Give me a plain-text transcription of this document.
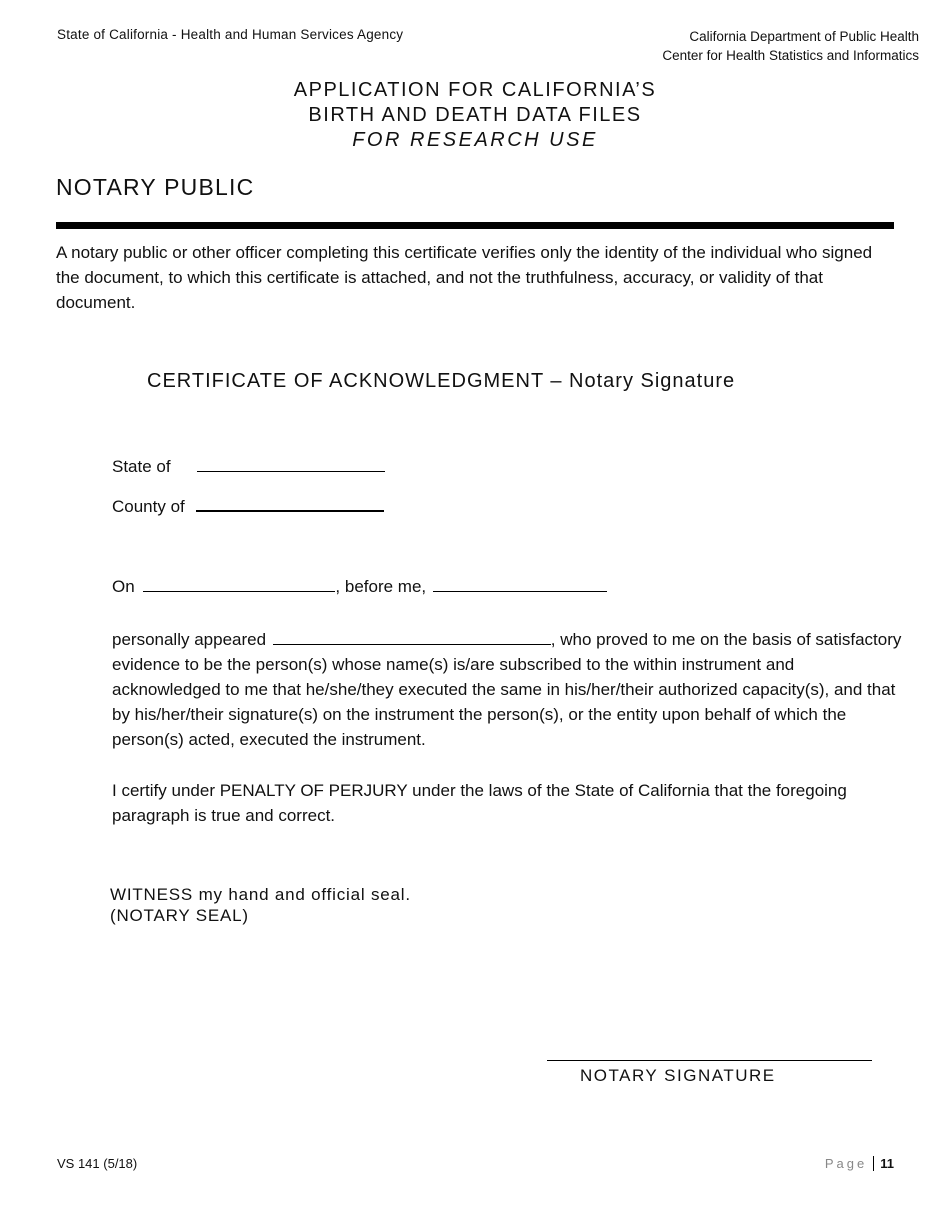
State of California - Health and Human Services Agency	California Department of Public Health
Center for Health Statistics and Informatics
APPLICATION FOR CALIFORNIA’S
BIRTH AND DEATH DATA FILES
FOR RESEARCH USE
NOTARY PUBLIC
A notary public or other officer completing this certificate verifies only the identity of the individual who signed the document, to which this certificate is attached, and not the truthfulness, accuracy, or validity of that document.
CERTIFICATE OF ACKNOWLEDGMENT – Notary Signature
State of
County of
On	, before me,
personally appeared	, who proved to me on the basis of satisfactory evidence to be the person(s) whose name(s) is/are subscribed to the within instrument and acknowledged to me that he/she/they executed the same in his/her/their authorized capacity(s), and that by his/her/their signature(s) on the instrument the person(s), or the entity upon behalf of which the person(s) acted, executed the instrument.
I certify under PENALTY OF PERJURY under the laws of the State of California that the foregoing paragraph is true and correct.
WITNESS my hand and official seal.
(NOTARY SEAL)
NOTARY SIGNATURE
VS 141 (5/18)	Page 11
